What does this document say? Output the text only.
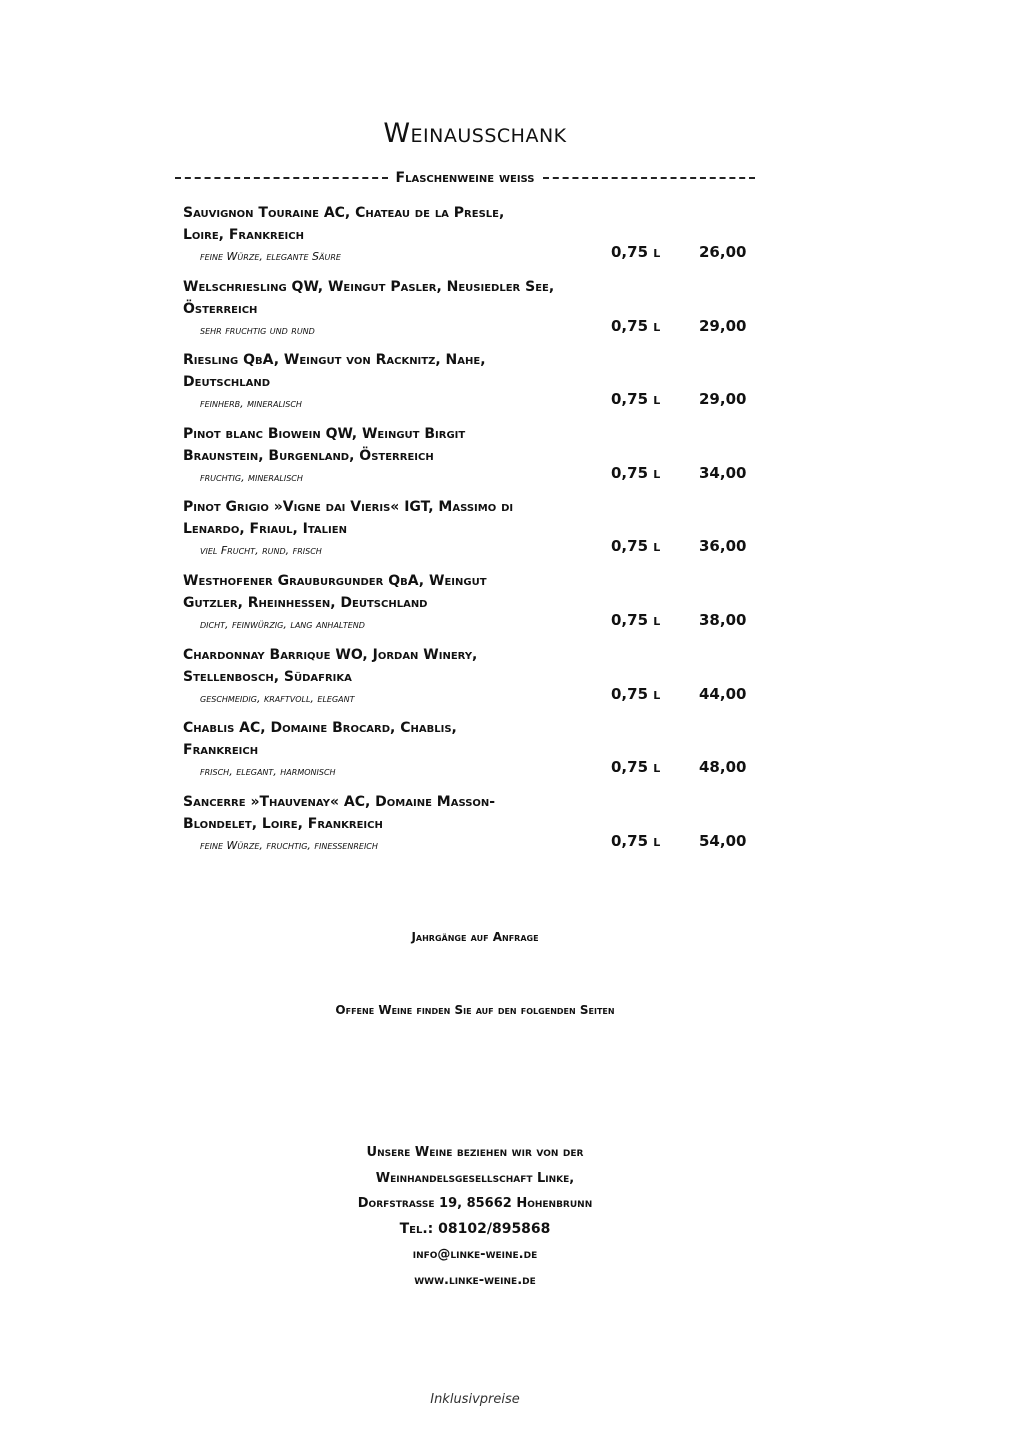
Weinausschank
Flaschenweine weiss
Sauvignon Touraine AC, Chateau de la Presle,
Loire, Frankreich
feine Würze, elegante Säure	0,75 l	26,00
Welschriesling QW, Weingut Pasler, Neusiedler See,
Österreich
sehr fruchtig und rund	0,75 l	29,00
Riesling QbA, Weingut von Racknitz, Nahe,
Deutschland
feinherb, mineralisch	0,75 l	29,00
Pinot blanc Biowein QW, Weingut Birgit
Braunstein, Burgenland, Österreich
fruchtig, mineralisch	0,75 l	34,00
Pinot Grigio »Vigne dai Vieris« IGT, Massimo di
Lenardo, Friaul, Italien
viel Frucht, rund, frisch	0,75 l	36,00
Westhofener Grauburgunder QbA, Weingut
Gutzler, Rheinhessen, Deutschland
dicht, feinwürzig, lang anhaltend	0,75 l	38,00
Chardonnay Barrique WO, Jordan Winery,
Stellenbosch, Südafrika
geschmeidig, kraftvoll, elegant	0,75 l	44,00
Chablis AC, Domaine Brocard, Chablis,
Frankreich
frisch, elegant, harmonisch	0,75 l	48,00
Sancerre »Thauvenay« AC, Domaine Masson-
Blondelet, Loire, Frankreich
feine Würze, fruchtig, finessenreich	0,75 l	54,00
Jahrgänge auf Anfrage
Offene Weine finden Sie auf den folgenden Seiten
Unsere Weine beziehen wir von der
Weinhandelsgesellschaft Linke,
Dorfstrasse 19, 85662 Hohenbrunn
Tel.: 08102/895868
info@linke-weine.de
www.linke-weine.de
Inklusivpreise
